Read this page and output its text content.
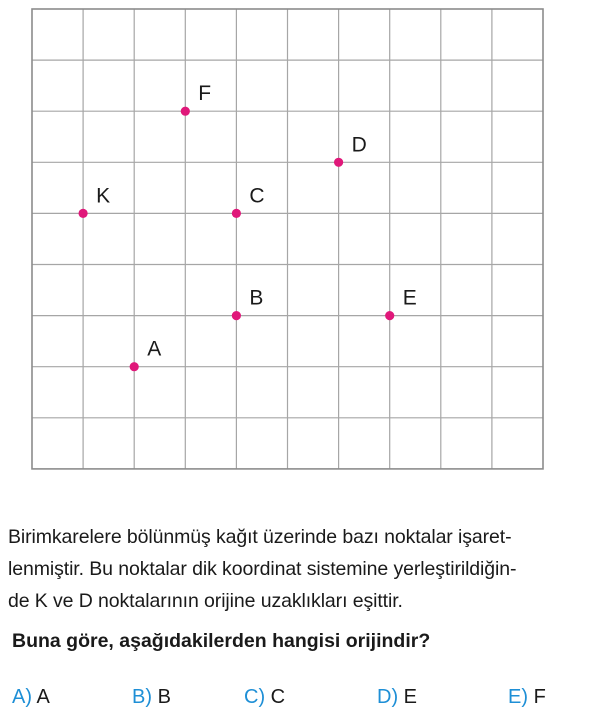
F
D
K	C
B	E
A
Birimkarelere bölünmüş kağıt üzerinde bazı noktalar işaret-
lenmiştir. Bu noktalar dik koordinat sistemine yerleştirildiğin-
de K ve D noktalarının orijine uzaklıkları eşittir.
Buna göre, aşağıdakilerden hangisi orijindir?
A) A	B) B	C) C	D) E	E) F
